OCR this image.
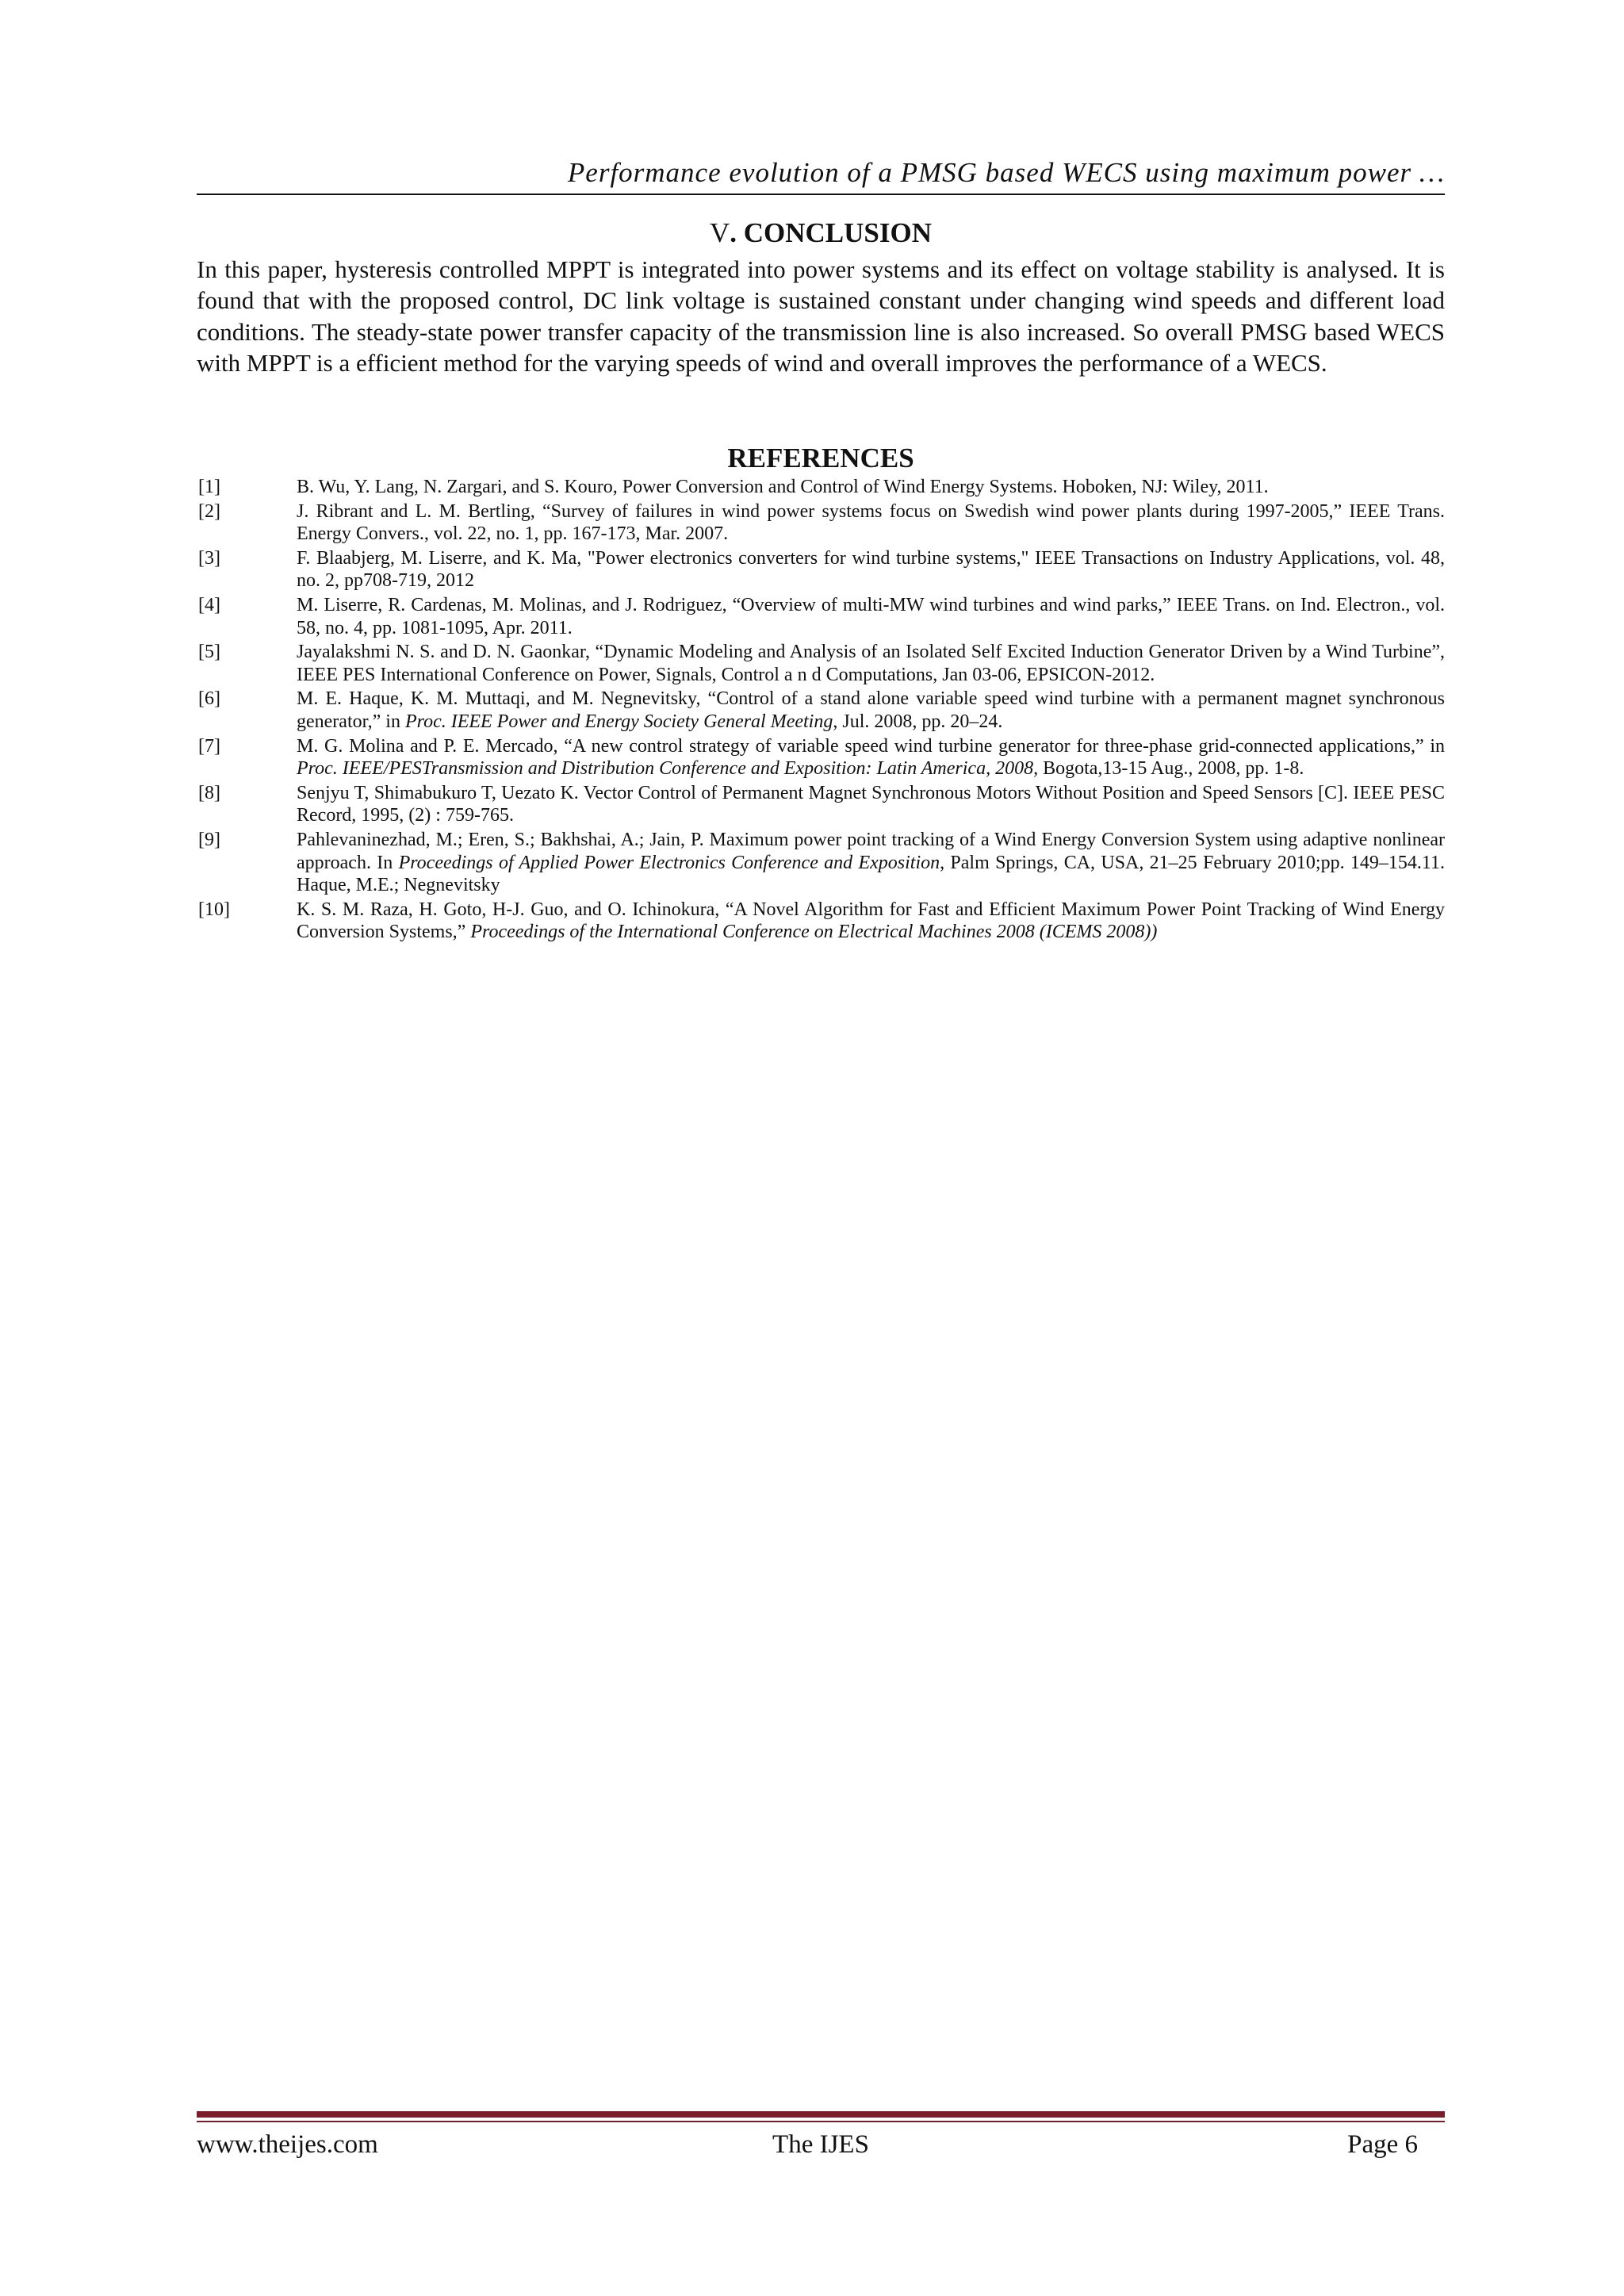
Performance evolution of a PMSG based WECS using maximum power …
V. CONCLUSION
In this paper, hysteresis controlled MPPT is integrated into power systems and its effect on voltage stability is analysed. It is found that with the proposed control, DC link voltage is sustained constant under changing wind speeds and different load conditions. The steady-state power transfer capacity of the transmission line is also increased. So overall PMSG based WECS with MPPT is a efficient method for the varying speeds of wind and overall improves the performance of a WECS.
REFERENCES
[1]	B. Wu, Y. Lang, N. Zargari, and S. Kouro, Power Conversion and Control of Wind Energy Systems. Hoboken, NJ: Wiley, 2011.
[2]	J. Ribrant and L. M. Bertling, “Survey of failures in wind power systems focus on Swedish wind power plants during 1997-2005,” IEEE Trans. Energy Convers., vol. 22, no. 1, pp. 167-173, Mar. 2007.
[3]	F. Blaabjerg, M. Liserre, and K. Ma, "Power electronics converters for wind turbine systems," IEEE Transactions on Industry Applications, vol. 48, no. 2, pp708-719, 2012
[4]	M. Liserre, R. Cardenas, M. Molinas, and J. Rodriguez, “Overview of multi-MW wind turbines and wind parks,” IEEE Trans. on Ind. Electron., vol. 58, no. 4, pp. 1081-1095, Apr. 2011.
[5]	Jayalakshmi N. S. and D. N. Gaonkar, “Dynamic Modeling and Analysis of an Isolated Self Excited Induction Generator Driven by a Wind Turbine”, IEEE PES International Conference on Power, Signals, Control a n d Computations, Jan 03-06, EPSICON-2012.
[6]	M. E. Haque, K. M. Muttaqi, and M. Negnevitsky, “Control of a stand alone variable speed wind turbine with a permanent magnet synchronous generator,” in Proc. IEEE Power and Energy Society General Meeting, Jul. 2008, pp. 20–24.
[7]	M. G. Molina and P. E. Mercado, “A new control strategy of variable speed wind turbine generator for three-phase grid-connected applications,” in Proc. IEEE/PESTransmission and Distribution Conference and Exposition: Latin America, 2008, Bogota,13-15 Aug., 2008, pp. 1-8.
[8]	Senjyu T, Shimabukuro T, Uezato K. Vector Control of Permanent Magnet Synchronous Motors Without Position and Speed Sensors [C]. IEEE PESC Record, 1995, (2) : 759-765.
[9]	Pahlevaninezhad, M.; Eren, S.; Bakhshai, A.; Jain, P. Maximum power point tracking of a Wind Energy Conversion System using adaptive nonlinear approach. In Proceedings of Applied Power Electronics Conference and Exposition, Palm Springs, CA, USA, 21–25 February 2010;pp. 149–154.11. Haque, M.E.; Negnevitsky
[10]	K. S. M. Raza, H. Goto, H-J. Guo, and O. Ichinokura, “A Novel Algorithm for Fast and Efficient Maximum Power Point Tracking of Wind Energy Conversion Systems,” Proceedings of the International Conference on Electrical Machines 2008 (ICEMS 2008))
www.theijes.com	The IJES	Page 6
